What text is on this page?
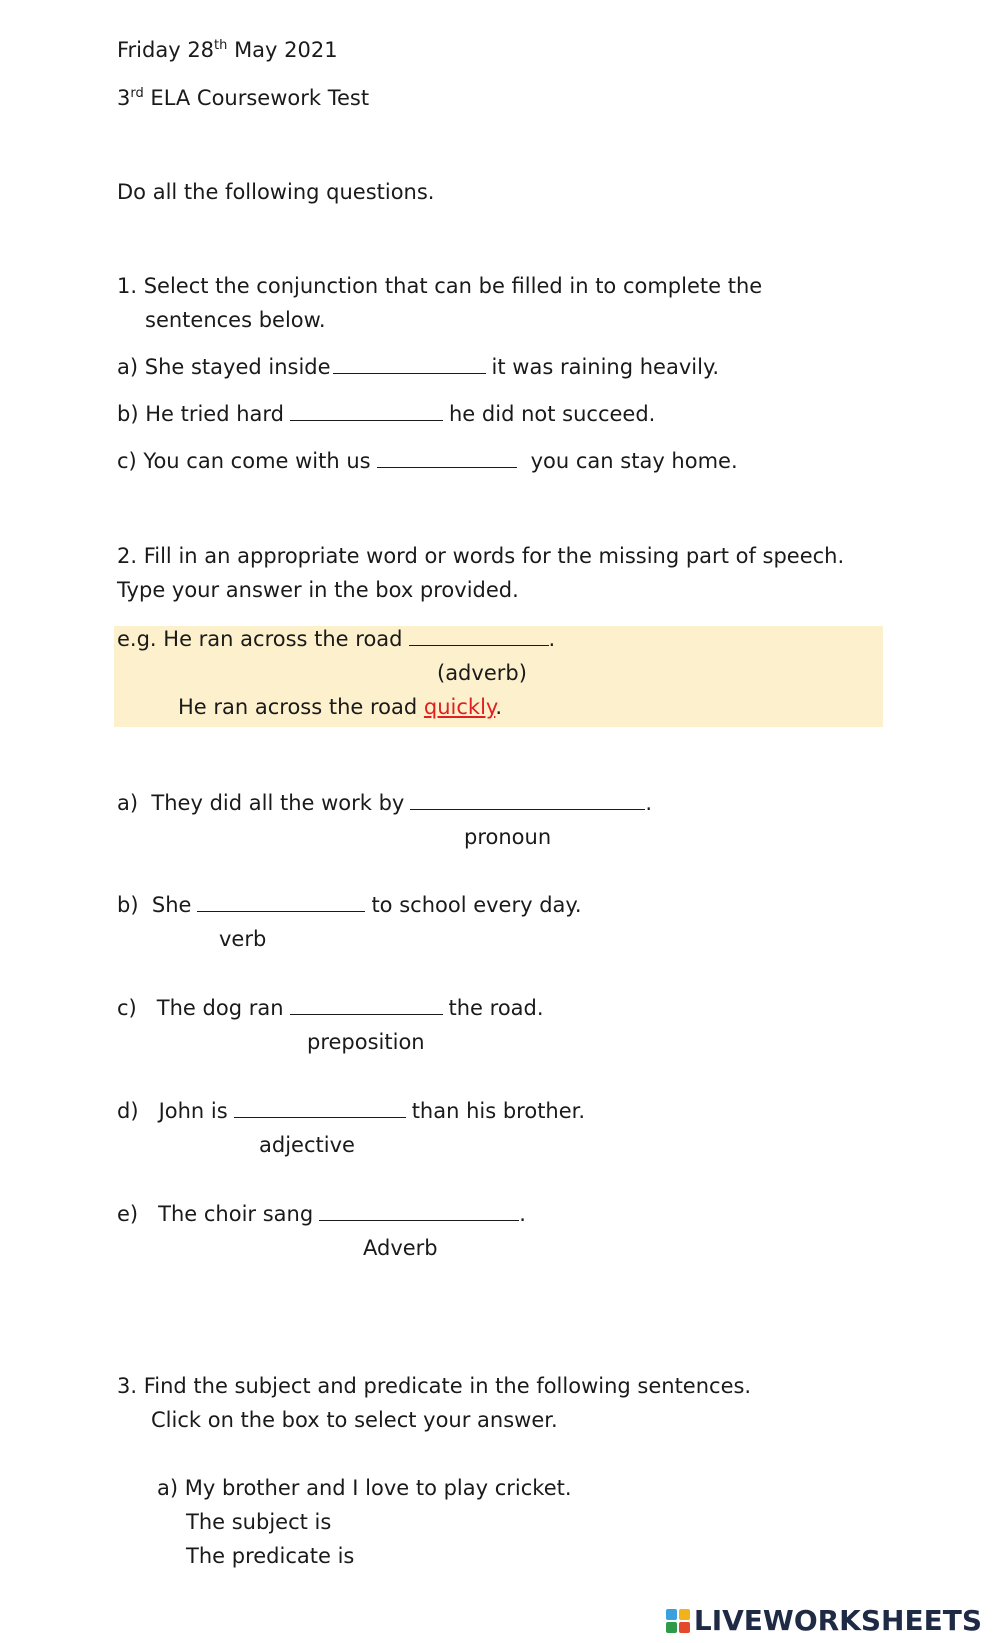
Friday 28th May 2021
3rd ELA Coursework Test
Do all the following questions.
1. Select the conjunction that can be filled in to complete the
sentences below.
a) She stayed inside	it was raining heavily.
b) He tried hard	he did not succeed.
c) You can come with us	you can stay home.
2. Fill in an appropriate word or words for the missing part of speech.
Type your answer in the box provided.
e.g. He ran across the road	.
(adverb)
He ran across the road quickly.
a) They did all the work by	.
pronoun
b) She	to school every day.
verb
c) The dog ran	the road.
preposition
d) John is	than his brother.
adjective
e) The choir sang	.
Adverb
3. Find the subject and predicate in the following sentences.
Click on the box to select your answer.
a) My brother and I love to play cricket.
The subject is
The predicate is
LIVEWORKSHEETS
